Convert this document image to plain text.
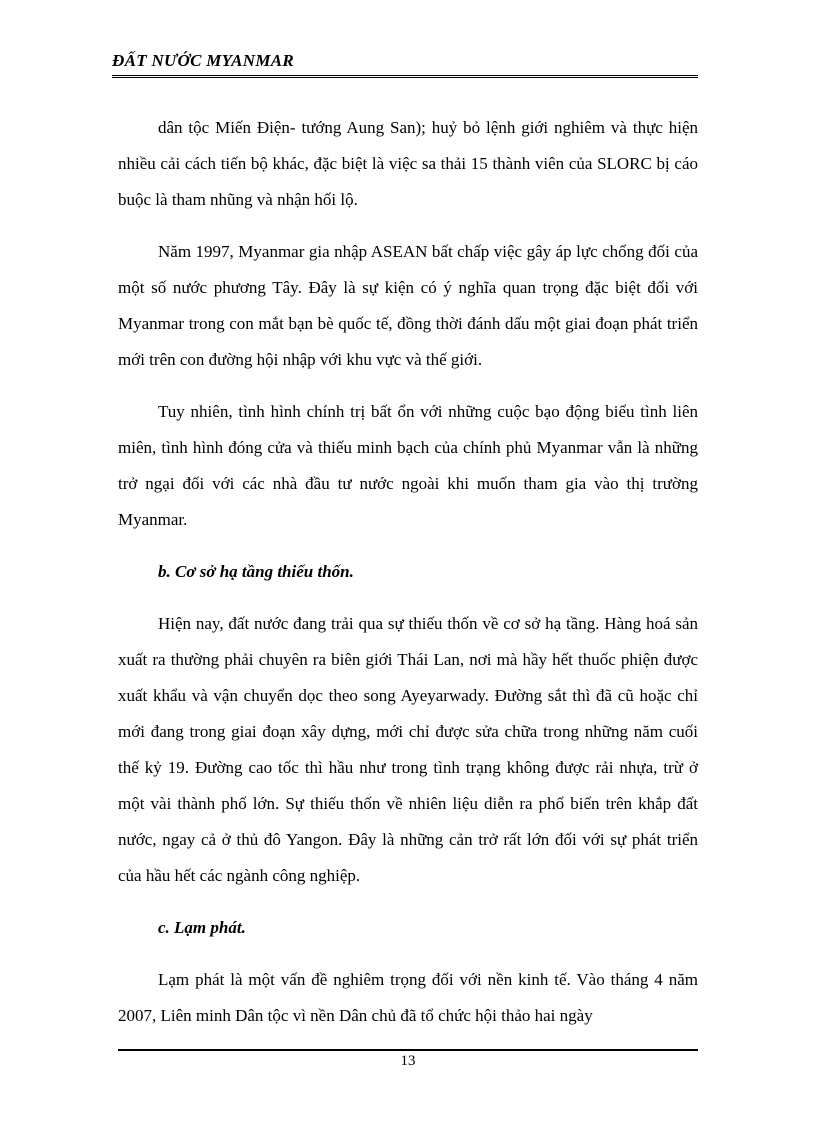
ĐẤT NƯỚC MYANMAR

dân tộc Miến Điện- tướng Aung San); huỷ bỏ lệnh giới nghiêm và thực hiện nhiều cải cách tiến bộ khác, đặc biệt là việc sa thải 15 thành viên của SLORC bị cáo buộc là tham nhũng và nhận hối lộ.

Năm 1997, Myanmar gia nhập ASEAN bất chấp việc gây áp lực chống đối của một số nước phương Tây. Đây là sự kiện có ý nghĩa quan trọng đặc biệt đối với Myanmar trong con mắt bạn bè quốc tế, đồng thời đánh dấu một giai đoạn phát triển mới trên con đường hội nhập với khu vực và thế giới.

Tuy nhiên, tình hình chính trị bất ổn với những cuộc bạo động biểu tình liên miên, tình hình đóng cửa và thiếu minh bạch của chính phủ Myanmar vẫn là những trở ngại đối với các nhà đầu tư nước ngoài khi muốn tham gia vào thị trường Myanmar.

b. Cơ sở hạ tầng thiếu thốn.

Hiện nay, đất nước đang trải qua sự thiếu thốn về cơ sở hạ tầng. Hàng hoá sản xuất ra thường phải chuyên ra biên giới Thái Lan, nơi mà hầy hết thuốc phiện được xuất khẩu và vận chuyển dọc theo song Ayeyarwady. Đường sắt thì đã cũ hoặc chỉ mới đang trong giai đoạn xây dựng, mới chỉ được sửa chữa trong những năm cuối thế kỷ 19. Đường cao tốc thì hầu như trong tình trạng không được rải nhựa, trừ ở một vài thành phố lớn. Sự thiếu thốn về nhiên liệu diễn ra phổ biến trên khắp đất nước, ngay cả ở thủ đô Yangon. Đây là những cản trở rất lớn đối với sự phát triển của hầu hết các ngành công nghiệp.

c. Lạm phát.

Lạm phát là một vấn đề nghiêm trọng đối với nền kinh tế. Vào tháng 4 năm 2007, Liên minh Dân tộc vì nền Dân chủ đã tổ chức hội thảo hai ngày

13
